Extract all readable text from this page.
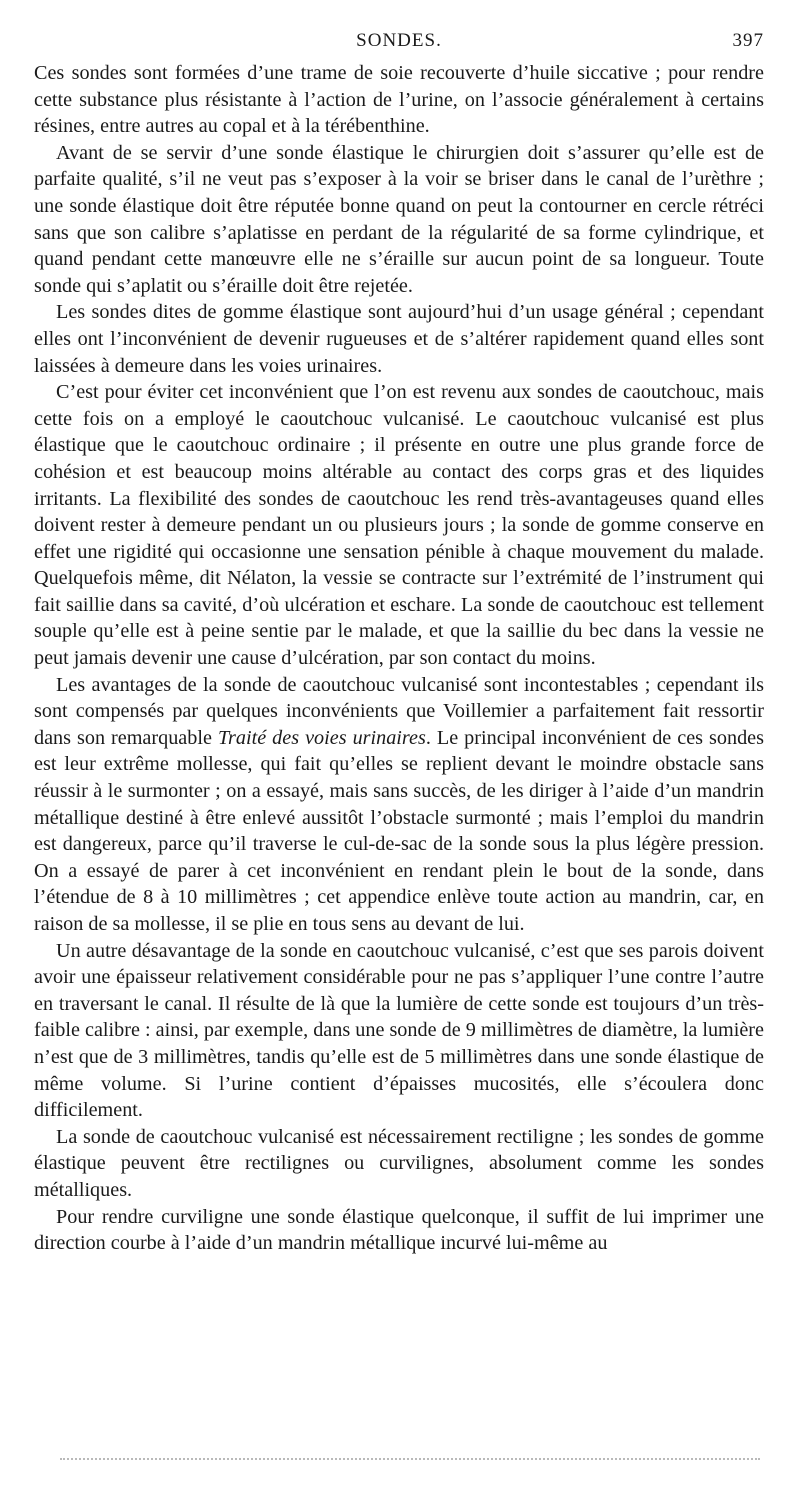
SONDES.	397

Ces sondes sont formées d’une trame de soie recouverte d’huile siccative ; pour rendre cette substance plus résistante à l’action de l’urine, on l’associe généralement à certains résines, entre autres au copal et à la térébenthine.

Avant de se servir d’une sonde élastique le chirurgien doit s’assurer qu’elle est de parfaite qualité, s’il ne veut pas s’exposer à la voir se briser dans le canal de l’urèthre ; une sonde élastique doit être réputée bonne quand on peut la contourner en cercle rétréci sans que son calibre s’aplatisse en perdant de la régularité de sa forme cylindrique, et quand pendant cette manœuvre elle ne s’éraille sur aucun point de sa longueur. Toute sonde qui s’aplatit ou s’éraille doit être rejetée.

Les sondes dites de gomme élastique sont aujourd’hui d’un usage général ; cependant elles ont l’inconvénient de devenir rugueuses et de s’altérer rapidement quand elles sont laissées à demeure dans les voies urinaires.

C’est pour éviter cet inconvénient que l’on est revenu aux sondes de caoutchouc, mais cette fois on a employé le caoutchouc vulcanisé. Le caoutchouc vulcanisé est plus élastique que le caoutchouc ordinaire ; il présente en outre une plus grande force de cohésion et est beaucoup moins altérable au contact des corps gras et des liquides irritants. La flexibilité des sondes de caoutchouc les rend très-avantageuses quand elles doivent rester à demeure pendant un ou plusieurs jours ; la sonde de gomme conserve en effet une rigidité qui occasionne une sensation pénible à chaque mouvement du malade. Quelquefois même, dit Nélaton, la vessie se contracte sur l’extrémité de l’instrument qui fait saillie dans sa cavité, d’où ulcération et eschare. La sonde de caoutchouc est tellement souple qu’elle est à peine sentie par le malade, et que la saillie du bec dans la vessie ne peut jamais devenir une cause d’ulcération, par son contact du moins.

Les avantages de la sonde de caoutchouc vulcanisé sont incontestables ; cependant ils sont compensés par quelques inconvénients que Voillemier a parfaitement fait ressortir dans son remarquable Traité des voies urinaires. Le principal inconvénient de ces sondes est leur extrême mollesse, qui fait qu’elles se replient devant le moindre obstacle sans réussir à le surmonter ; on a essayé, mais sans succès, de les diriger à l’aide d’un mandrin métallique destiné à être enlevé aussitôt l’obstacle surmonté ; mais l’emploi du mandrin est dangereux, parce qu’il traverse le cul-de-sac de la sonde sous la plus légère pression. On a essayé de parer à cet inconvénient en rendant plein le bout de la sonde, dans l’étendue de 8 à 10 millimètres ; cet appendice enlève toute action au mandrin, car, en raison de sa mollesse, il se plie en tous sens au devant de lui.

Un autre désavantage de la sonde en caoutchouc vulcanisé, c’est que ses parois doivent avoir une épaisseur relativement considérable pour ne pas s’appliquer l’une contre l’autre en traversant le canal. Il résulte de là que la lumière de cette sonde est toujours d’un très-faible calibre : ainsi, par exemple, dans une sonde de 9 millimètres de diamètre, la lumière n’est que de 3 millimètres, tandis qu’elle est de 5 millimètres dans une sonde élastique de même volume. Si l’urine contient d’épaisses mucosités, elle s’écoulera donc difficilement.

La sonde de caoutchouc vulcanisé est nécessairement rectiligne ; les sondes de gomme élastique peuvent être rectilignes ou curvilignes, absolument comme les sondes métalliques.

Pour rendre curviligne une sonde élastique quelconque, il suffit de lui imprimer une direction courbe à l’aide d’un mandrin métallique incurvé lui-même au
